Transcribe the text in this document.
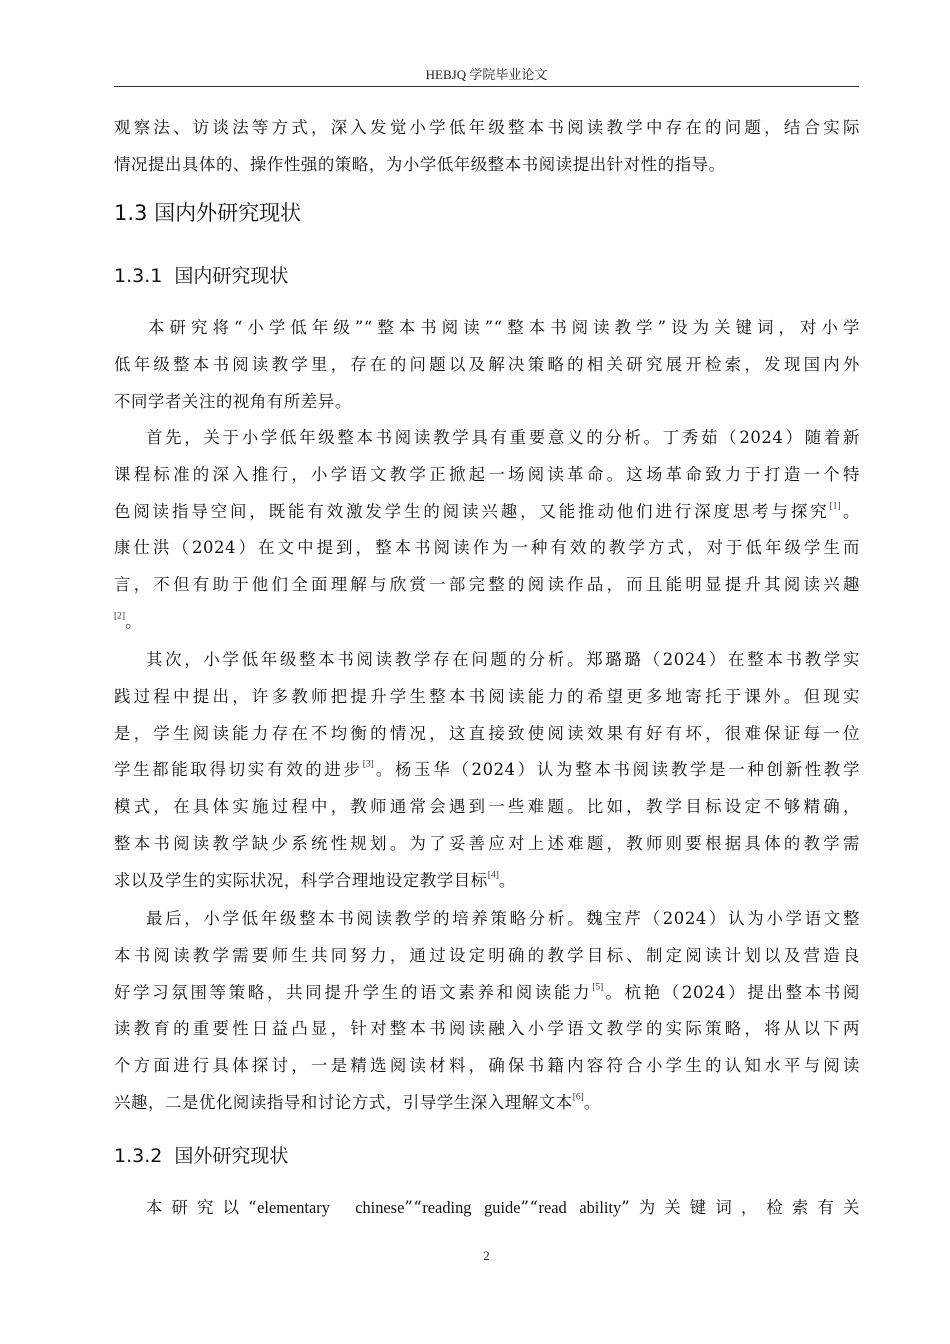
HEBJQ 学院毕业论文
观察法、访谈法等方式，深入发觉小学低年级整本书阅读教学中存在的问题，结合实际
情况提出具体的、操作性强的策略，为小学低年级整本书阅读提出针对性的指导。
1.3 国内外研究现状
1.3.1 国内研究现状
本研究将“小学低年级”“整本书阅读”“整本书阅读教学”设为关键词，对小学
低年级整本书阅读教学里，存在的问题以及解决策略的相关研究展开检索，发现国内外
不同学者关注的视角有所差异。
首先，关于小学低年级整本书阅读教学具有重要意义的分析。丁秀茹（2024）随着新
课程标准的深入推行，小学语文教学正掀起一场阅读革命。这场革命致力于打造一个特
色阅读指导空间，既能有效激发学生的阅读兴趣，又能推动他们进行深度思考与探究[1]。
康仕洪（2024）在文中提到，整本书阅读作为一种有效的教学方式，对于低年级学生而
言，不但有助于他们全面理解与欣赏一部完整的阅读作品，而且能明显提升其阅读兴趣
[2]。
其次，小学低年级整本书阅读教学存在问题的分析。郑璐璐（2024）在整本书教学实
践过程中提出，许多教师把提升学生整本书阅读能力的希望更多地寄托于课外。但现实
是，学生阅读能力存在不均衡的情况，这直接致使阅读效果有好有坏，很难保证每一位
学生都能取得切实有效的进步[3]。杨玉华（2024）认为整本书阅读教学是一种创新性教学
模式，在具体实施过程中，教师通常会遇到一些难题。比如，教学目标设定不够精确，
整本书阅读教学缺少系统性规划。为了妥善应对上述难题，教师则要根据具体的教学需
求以及学生的实际状况，科学合理地设定教学目标[4]。
最后，小学低年级整本书阅读教学的培养策略分析。魏宝芹（2024）认为小学语文整
本书阅读教学需要师生共同努力，通过设定明确的教学目标、制定阅读计划以及营造良
好学习氛围等策略，共同提升学生的语文素养和阅读能力[5]。杭艳（2024）提出整本书阅
读教育的重要性日益凸显，针对整本书阅读融入小学语文教学的实际策略，将从以下两
个方面进行具体探讨，一是精选阅读材料，确保书籍内容符合小学生的认知水平与阅读
兴趣，二是优化阅读指导和讨论方式，引导学生深入理解文本[6]。
1.3.2 国外研究现状
本研究以“elementary  chinese”“reading guide”“read ability”为关键词，检索有关
2
